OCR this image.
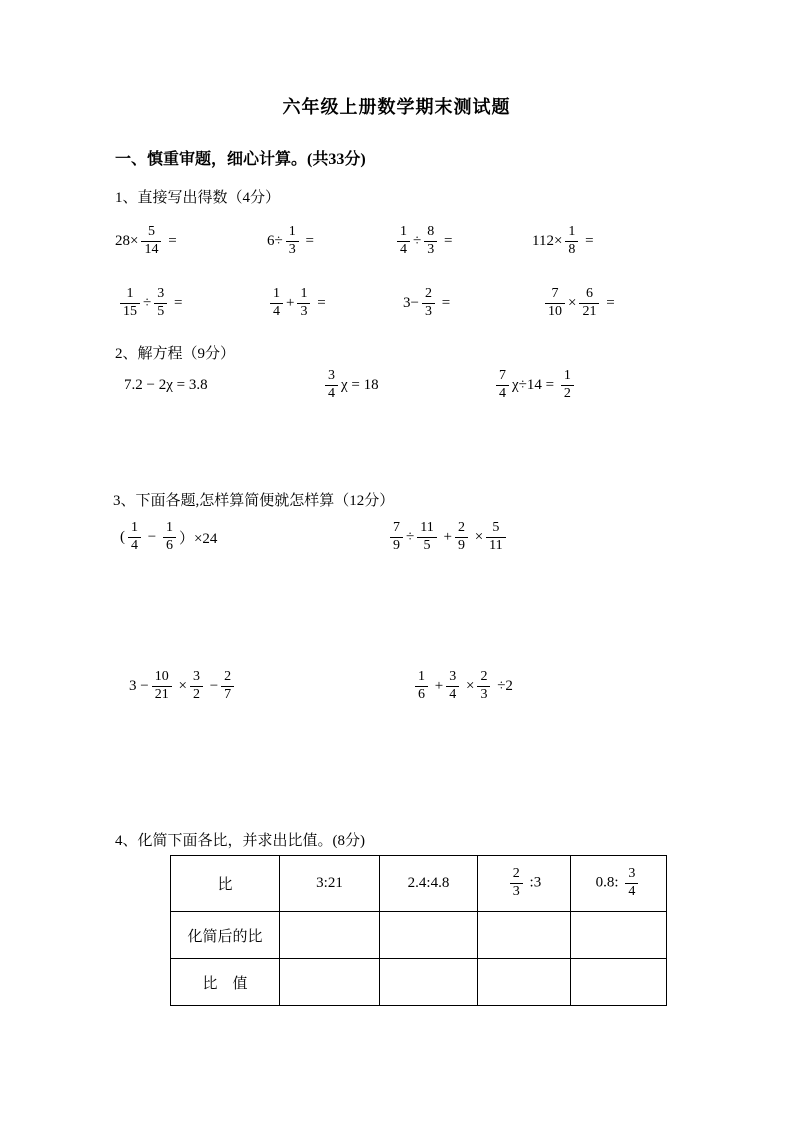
六年级上册数学期末测试题
一、慎重审题，细心计算。(共33分)
1、直接写出得数（4分）
$28\times \frac{5}{14}$ =	$6\div \frac{1}{3}$ =	$\frac{1}{4} \div \frac{8}{3}$ =	$112\times \frac{1}{8}$ =
$\frac{1}{15} \div \frac{3}{5}$ =	$\frac{1}{4} + \frac{1}{3}$ =	$3- \frac{2}{3}$ =	$\frac{7}{10} \times \frac{6}{21}$ =
2、解方程（9分）
7.2 − 2χ = 3.8	$\frac{3}{4}$ χ = 18	$\frac{7}{4} \chi\div 14 = \frac{1}{2}$
3、下面各题,怎样算简便就怎样算（12分）
( $\frac{1}{4} - \frac{1}{6} )\times 24$	$\frac{7}{9} \div \frac{11}{5} + \frac{2}{9} \times \frac{5}{11}$
$3 - \frac{10}{21} \times \frac{3}{2} - \frac{2}{7}$	$\frac{1}{6} + \frac{3}{4} \times \frac{2}{3} \div 2$
4、化简下面各比，并求出比值。(8分)
比	3:21	2.4:4.8	$\frac{2}{3}$ :3	0.8: $\frac{3}{4}$

化简后的比				
比　值				
